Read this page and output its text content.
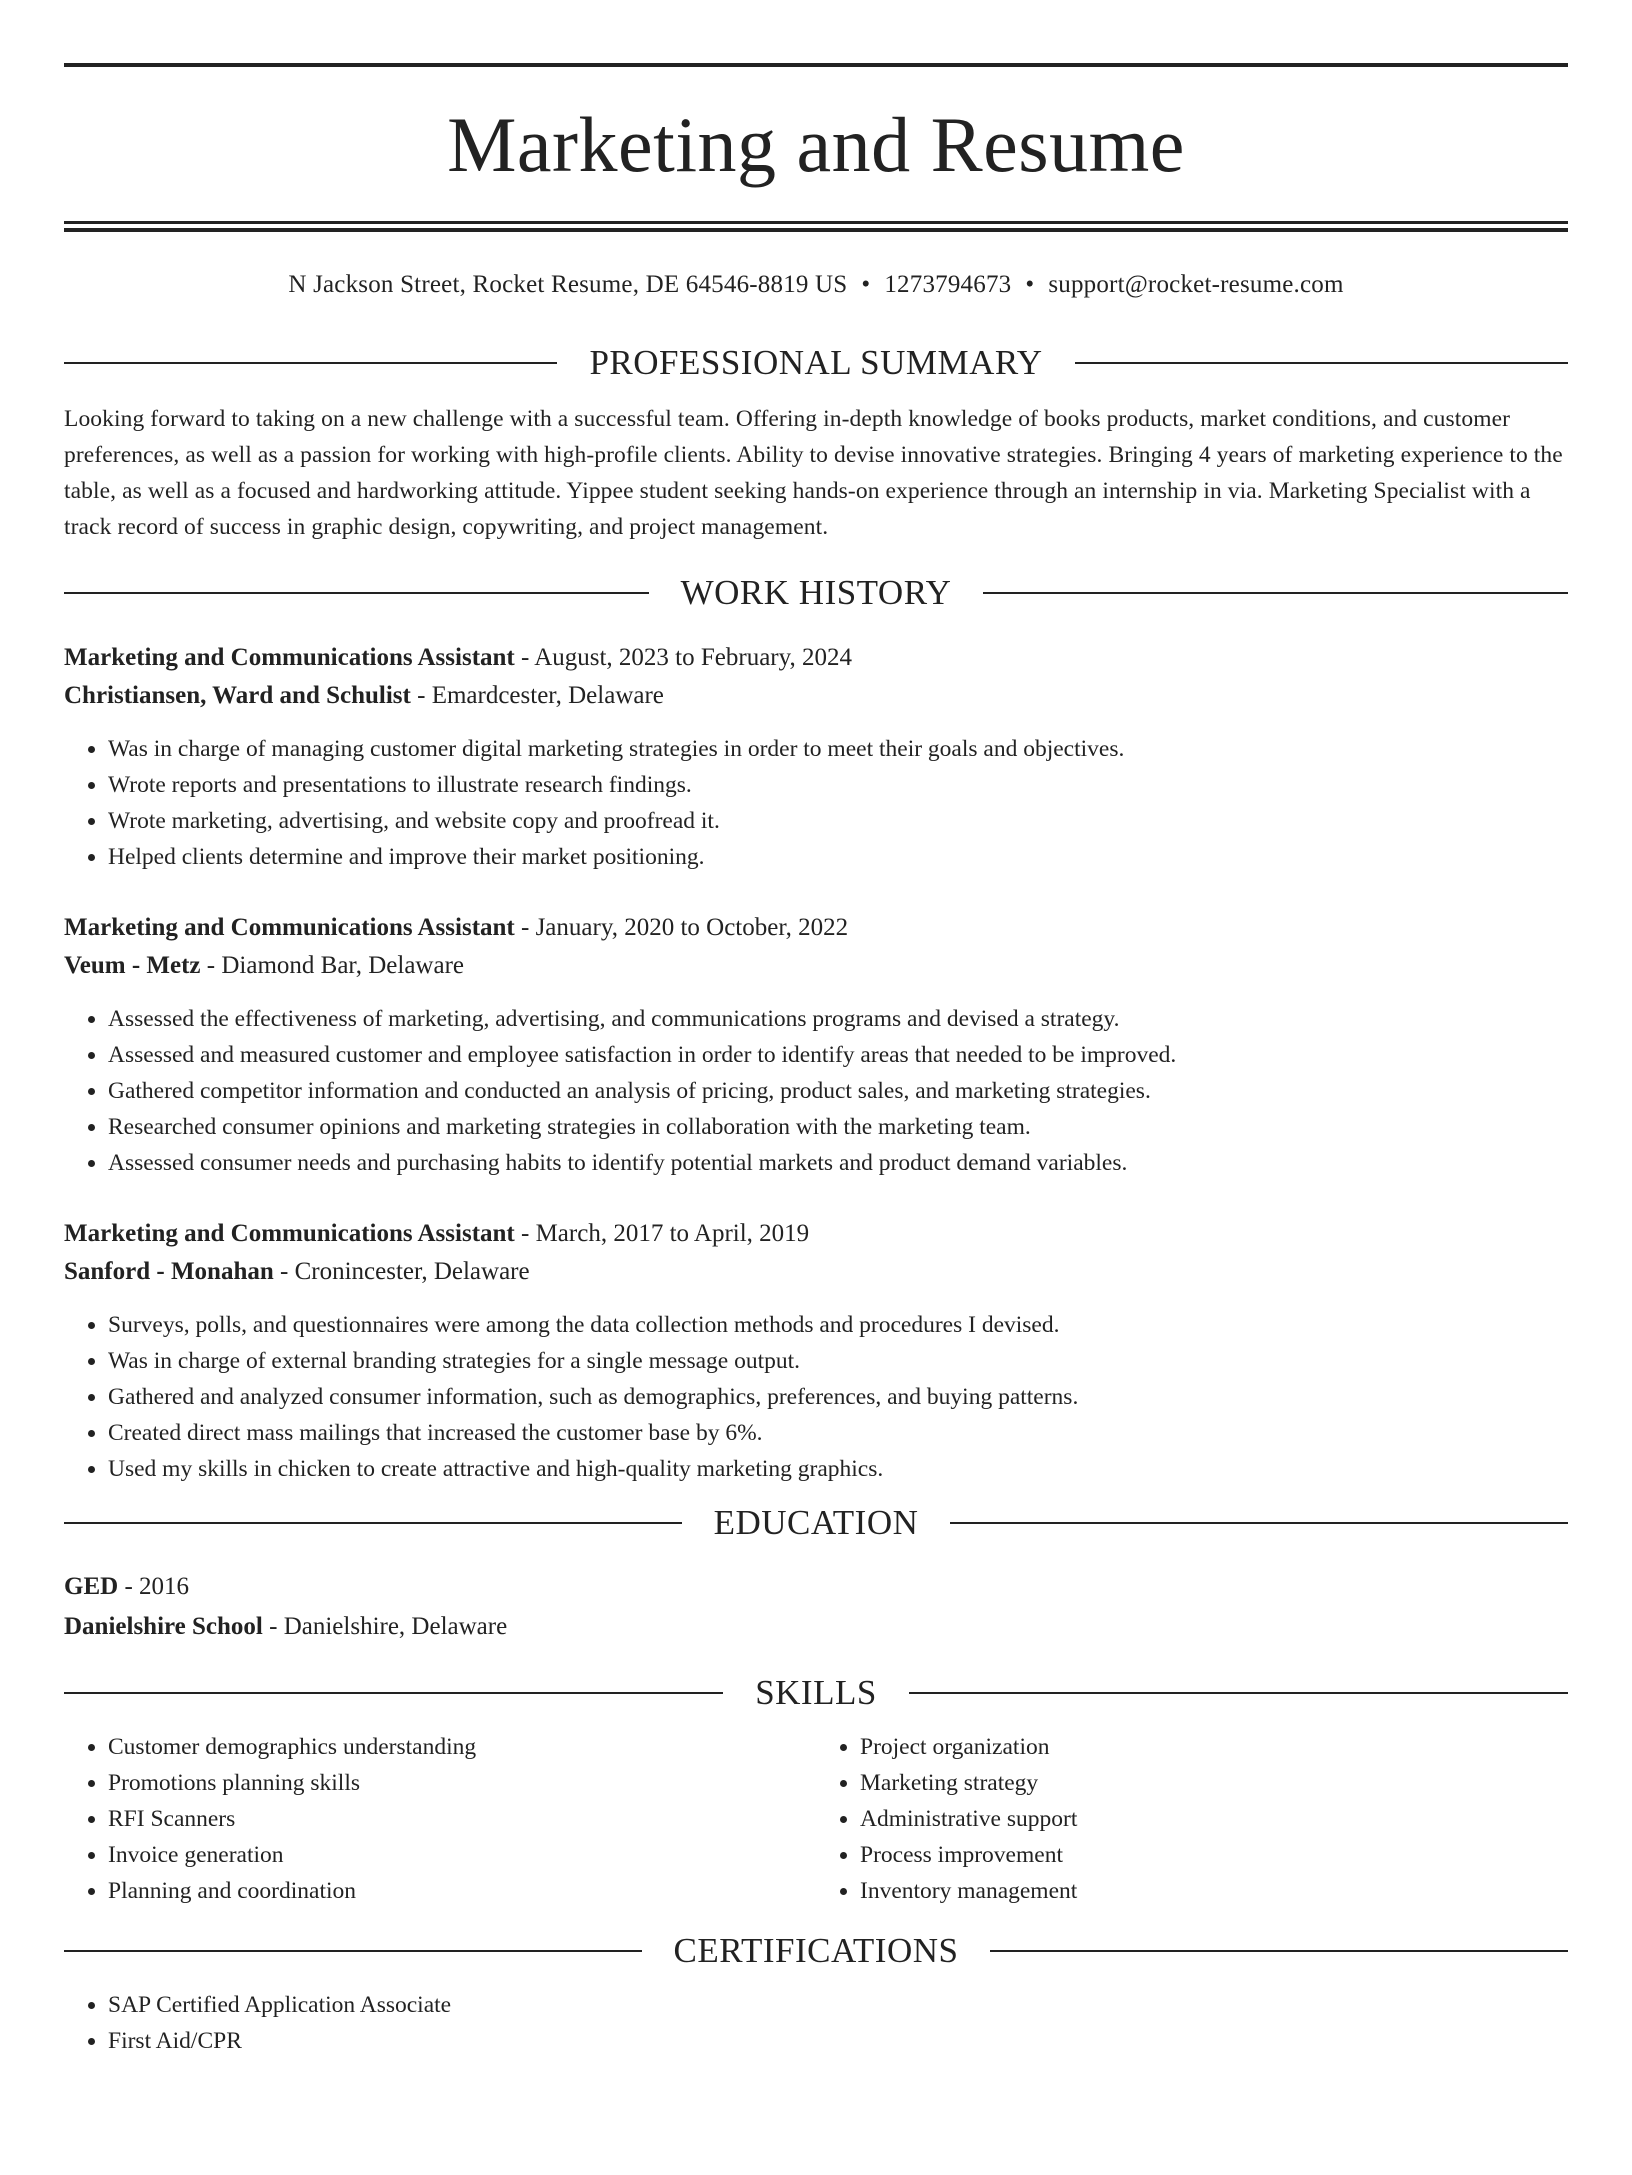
Marketing and Resume
N Jackson Street, Rocket Resume, DE 64546-8819 US • 1273794673 • support@rocket-resume.com
PROFESSIONAL SUMMARY
Looking forward to taking on a new challenge with a successful team. Offering in-depth knowledge of books products, market conditions, and customer preferences, as well as a passion for working with high-profile clients. Ability to devise innovative strategies. Bringing 4 years of marketing experience to the table, as well as a focused and hardworking attitude. Yippee student seeking hands-on experience through an internship in via. Marketing Specialist with a track record of success in graphic design, copywriting, and project management.
WORK HISTORY
Marketing and Communications Assistant - August, 2023 to February, 2024
Christiansen, Ward and Schulist - Emardcester, Delaware
• Was in charge of managing customer digital marketing strategies in order to meet their goals and objectives.
• Wrote reports and presentations to illustrate research findings.
• Wrote marketing, advertising, and website copy and proofread it.
• Helped clients determine and improve their market positioning.
Marketing and Communications Assistant - January, 2020 to October, 2022
Veum - Metz - Diamond Bar, Delaware
• Assessed the effectiveness of marketing, advertising, and communications programs and devised a strategy.
• Assessed and measured customer and employee satisfaction in order to identify areas that needed to be improved.
• Gathered competitor information and conducted an analysis of pricing, product sales, and marketing strategies.
• Researched consumer opinions and marketing strategies in collaboration with the marketing team.
• Assessed consumer needs and purchasing habits to identify potential markets and product demand variables.
Marketing and Communications Assistant - March, 2017 to April, 2019
Sanford - Monahan - Cronincester, Delaware
• Surveys, polls, and questionnaires were among the data collection methods and procedures I devised.
• Was in charge of external branding strategies for a single message output.
• Gathered and analyzed consumer information, such as demographics, preferences, and buying patterns.
• Created direct mass mailings that increased the customer base by 6%.
• Used my skills in chicken to create attractive and high-quality marketing graphics.
EDUCATION
GED - 2016
Danielshire School - Danielshire, Delaware
SKILLS
• Customer demographics understanding
• Promotions planning skills
• RFI Scanners
• Invoice generation
• Planning and coordination
• Project organization
• Marketing strategy
• Administrative support
• Process improvement
• Inventory management
CERTIFICATIONS
• SAP Certified Application Associate
• First Aid/CPR
